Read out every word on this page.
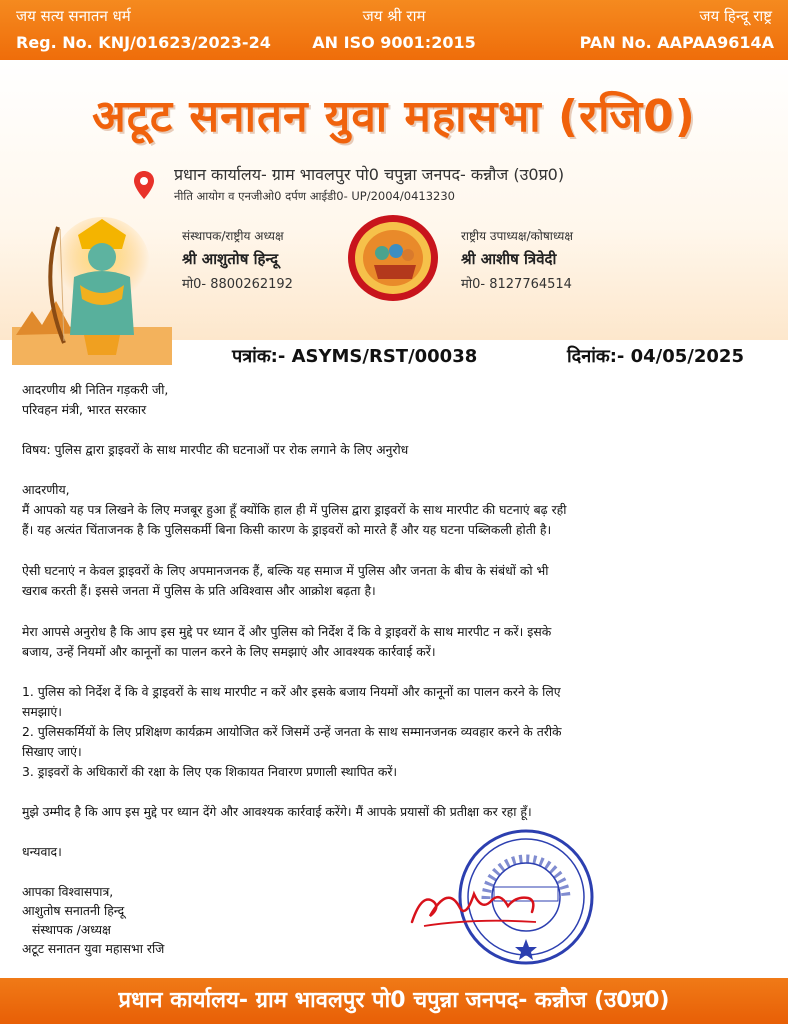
जय सत्य सनातन धर्म	जय श्री राम	जय हिन्दू राष्ट्र
Reg. No. KNJ/01623/2023-24	AN ISO 9001:2015	PAN No. AAPAA9614A
अटूट सनातन युवा महासभा (रजि0)
प्रधान कार्यालय- ग्राम भावलपुर पो0 चपुन्ना जनपद- कन्नौज (उ0प्र0)
नीति आयोग व एनजीओ0 दर्पण आईडी0- UP/2004/0413230
संस्थापक/राष्ट्रीय अध्यक्ष
श्री आशुतोष हिन्दू
मो0- 8800262192
राष्ट्रीय उपाध्यक्ष/कोषाध्यक्ष
श्री आशीष त्रिवेदी
मो0- 8127764514
पत्रांक:- ASYMS/RST/00038	दिनांक:- 04/05/2025

आदरणीय श्री नितिन गड़करी जी,

परिवहन मंत्री, भारत सरकार

विषय: पुलिस द्वारा ड्राइवरों के साथ मारपीट की घटनाओं पर रोक लगाने के लिए अनुरोध

आदरणीय,

मैं आपको यह पत्र लिखने के लिए मजबूर हुआ हूँ क्योंकि हाल ही में पुलिस द्वारा ड्राइवरों के साथ मारपीट की घटनाएं बढ़ रही

हैं। यह अत्यंत चिंताजनक है कि पुलिसकर्मी बिना किसी कारण के ड्राइवरों को मारते हैं और यह घटना पब्लिकली होती है।

ऐसी घटनाएं न केवल ड्राइवरों के लिए अपमानजनक हैं, बल्कि यह समाज में पुलिस और जनता के बीच के संबंधों को भी

खराब करती हैं। इससे जनता में पुलिस के प्रति अविश्वास और आक्रोश बढ़ता है।

मेरा आपसे अनुरोध है कि आप इस मुद्दे पर ध्यान दें और पुलिस को निर्देश दें कि वे ड्राइवरों के साथ मारपीट न करें। इसके

बजाय, उन्हें नियमों और कानूनों का पालन करने के लिए समझाएं और आवश्यक कार्रवाई करें।

1. पुलिस को निर्देश दें कि वे ड्राइवरों के साथ मारपीट न करें और इसके बजाय नियमों और कानूनों का पालन करने के लिए

समझाएं।

2. पुलिसकर्मियों के लिए प्रशिक्षण कार्यक्रम आयोजित करें जिसमें उन्हें जनता के साथ सम्मानजनक व्यवहार करने के तरीके

सिखाए जाएं।

3. ड्राइवरों के अधिकारों की रक्षा के लिए एक शिकायत निवारण प्रणाली स्थापित करें।

मुझे उम्मीद है कि आप इस मुद्दे पर ध्यान देंगे और आवश्यक कार्रवाई करेंगे। मैं आपके प्रयासों की प्रतीक्षा कर रहा हूँ।

धन्यवाद।

आपका विश्वासपात्र,

आशुतोष सनातनी हिन्दू

संस्थापक /अध्यक्ष

अटूट सनातन युवा महासभा रजि

प्रधान कार्यालय- ग्राम भावलपुर पो0 चपुन्ना जनपद- कन्नौज (उ0प्र0)
